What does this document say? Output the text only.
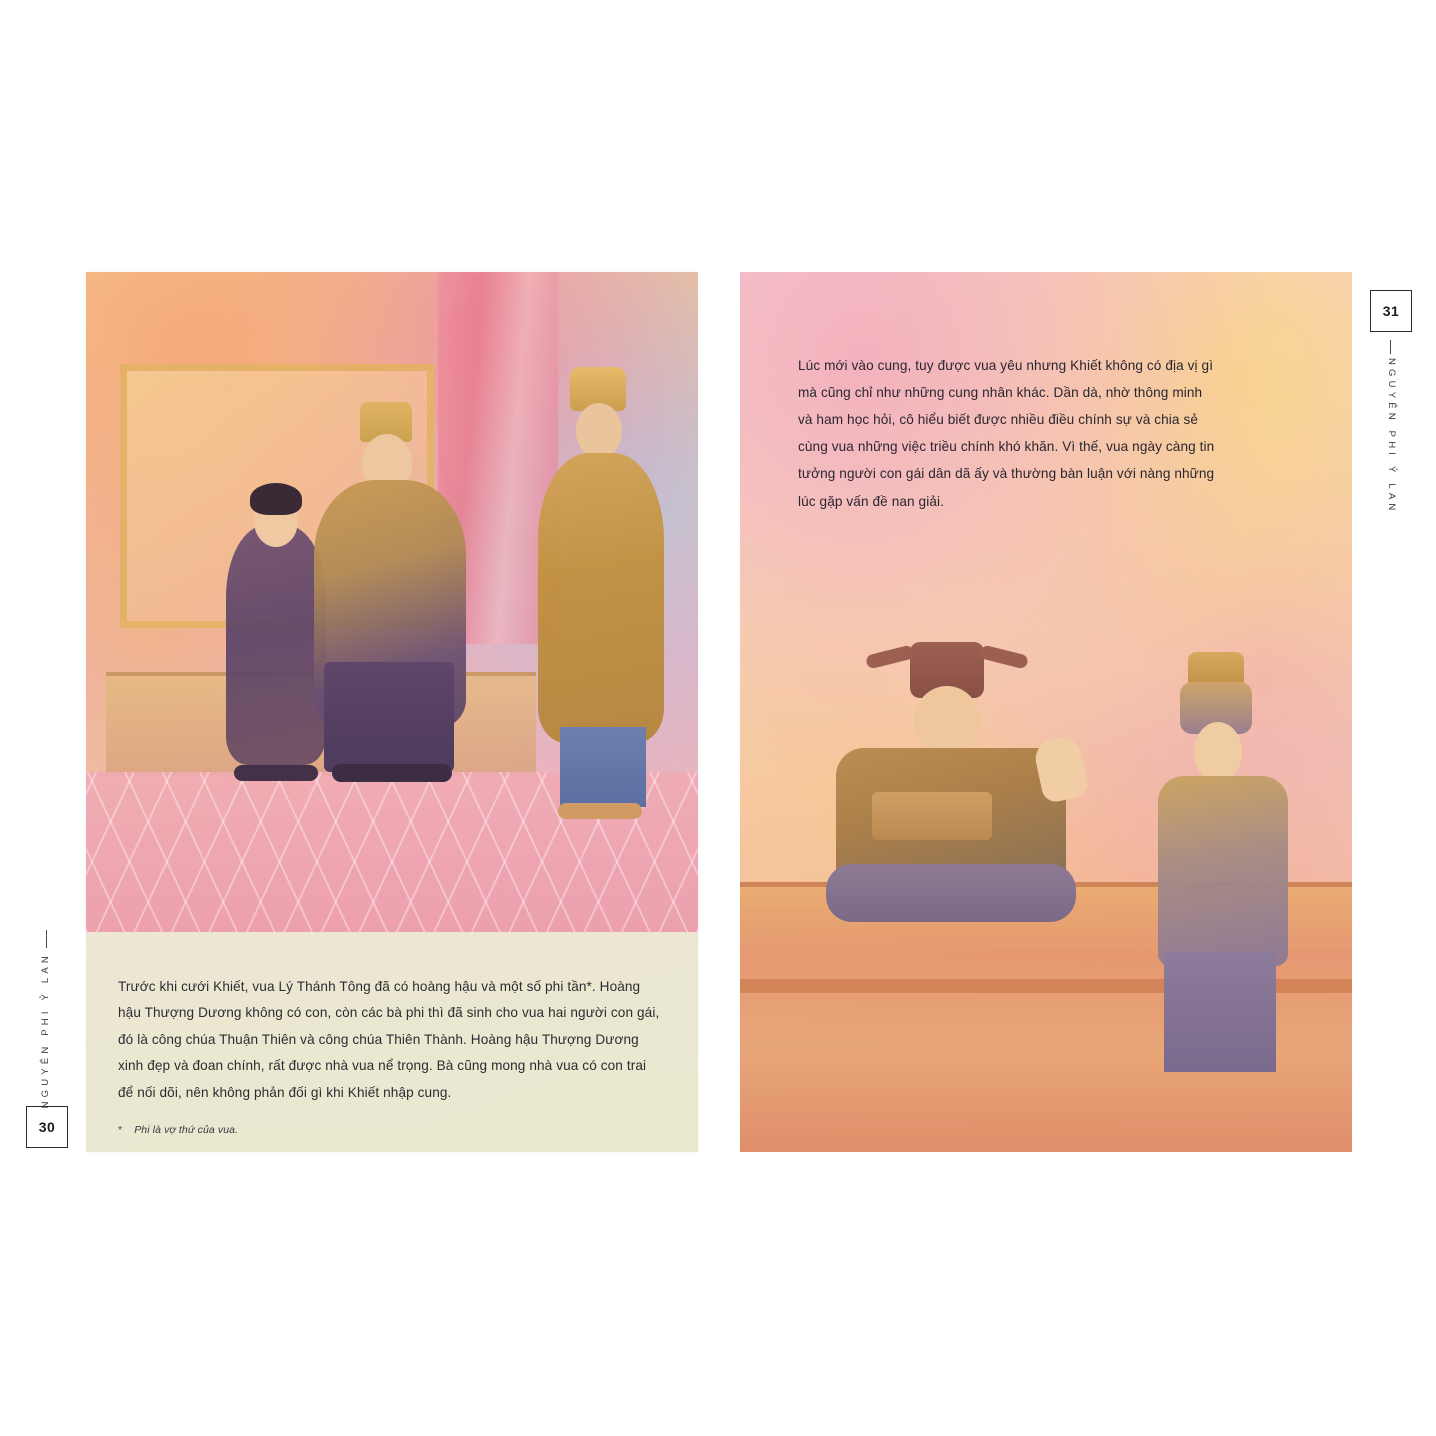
Trước khi cưới Khiết, vua Lý Thánh Tông đã có hoàng hậu và một số phi tần*. Hoàng hậu Thượng Dương không có con, còn các bà phi thì đã sinh cho vua hai người con gái, đó là công chúa Thuận Thiên và công chúa Thiên Thành. Hoàng hậu Thượng Dương xinh đẹp và đoan chính, rất được nhà vua nể trọng. Bà cũng mong nhà vua có con trai để nối dõi, nên không phản đối gì khi Khiết nhập cung.

* Phi là vợ thứ của vua.

Lúc mới vào cung, tuy được vua yêu nhưng Khiết không có địa vị gì mà cũng chỉ như những cung nhân khác. Dần dà, nhờ thông minh và ham học hỏi, cô hiểu biết được nhiều điều chính sự và chia sẻ cùng vua những việc triều chính khó khăn. Vì thế, vua ngày càng tin tưởng người con gái dân dã ấy và thường bàn luận với nàng những lúc gặp vấn đề nan giải.

30
31
NGUYÊN PHI Ỷ LAN
NGUYÊN PHI Ỷ LAN
